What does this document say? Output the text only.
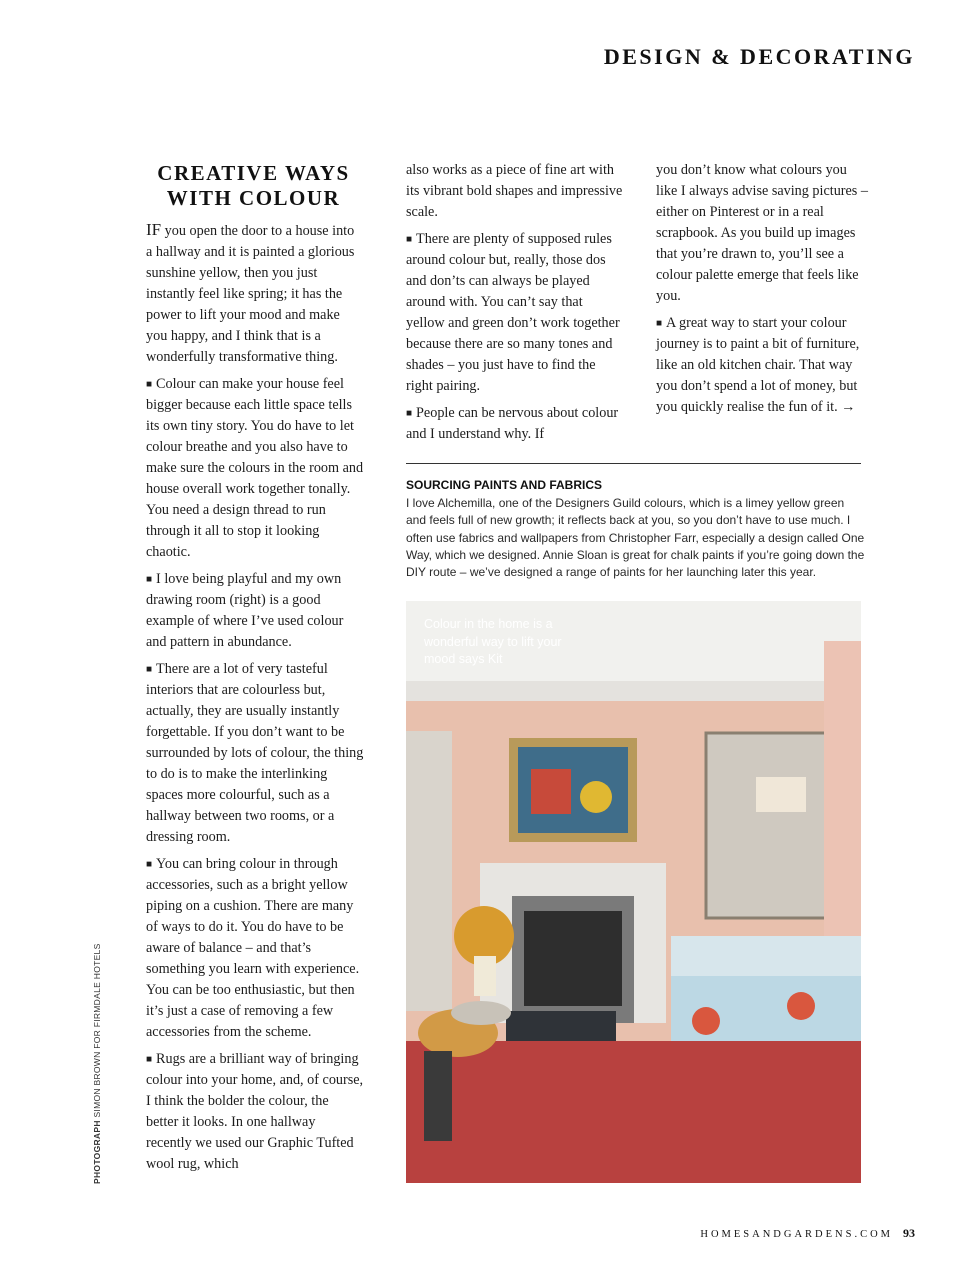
DESIGN & DECORATING
CREATIVE WAYS
WITH COLOUR

IF you open the door to a house into a hallway and it is painted a glorious sunshine yellow, then you just instantly feel like spring; it has the power to lift your mood and make you happy, and I think that is a wonderfully transformative thing.

■ Colour can make your house feel bigger because each little space tells its own tiny story. You do have to let colour breathe and you also have to make sure the colours in the room and house overall work together tonally. You need a design thread to run through it all to stop it looking chaotic.

■ I love being playful and my own drawing room (right) is a good example of where I’ve used colour and pattern in abundance.

■ There are a lot of very tasteful interiors that are colourless but, actually, they are usually instantly forgettable. If you don’t want to be surrounded by lots of colour, the thing to do is to make the interlinking spaces more colourful, such as a hallway between two rooms, or a dressing room.

■ You can bring colour in through accessories, such as a bright yellow piping on a cushion. There are many of ways to do it. You do have to be aware of balance – and that’s something you learn with experience. You can be too enthusiastic, but then it’s just a case of removing a few accessories from the scheme.

■ Rugs are a brilliant way of bringing colour into your home, and, of course, I think the bolder the colour, the better it looks. In one hallway recently we used our Graphic Tufted wool rug, which

also works as a piece of fine art with its vibrant bold shapes and impressive scale.

■ There are plenty of supposed rules around colour but, really, those dos and don’ts can always be played around with. You can’t say that yellow and green don’t work together because there are so many tones and shades – you just have to find the right pairing.

■ People can be nervous about colour and I understand why. If

you don’t know what colours you like I always advise saving pictures – either on Pinterest or in a real scrapbook. As you build up images that you’re drawn to, you’ll see a colour palette emerge that feels like you.

■ A great way to start your colour journey is to paint a bit of furniture, like an old kitchen chair. That way you don’t spend a lot of money, but you quickly realise the fun of it. →

SOURCING PAINTS AND FABRICS
I love Alchemilla, one of the Designers Guild colours, which is a limey yellow green and feels full of new growth; it reflects back at you, so you don’t have to use much. I often use fabrics and wallpapers from Christopher Farr, especially a design called One Way, which we designed. Annie Sloan is great for chalk paints if you’re going down the DIY route – we’ve designed a range of paints for her launching later this year.
Colour in the home is a wonderful way to lift your mood says Kit
PHOTOGRAPH SIMON BROWN FOR FIRMDALE HOTELS
HOMESANDGARDENS.COM 93
